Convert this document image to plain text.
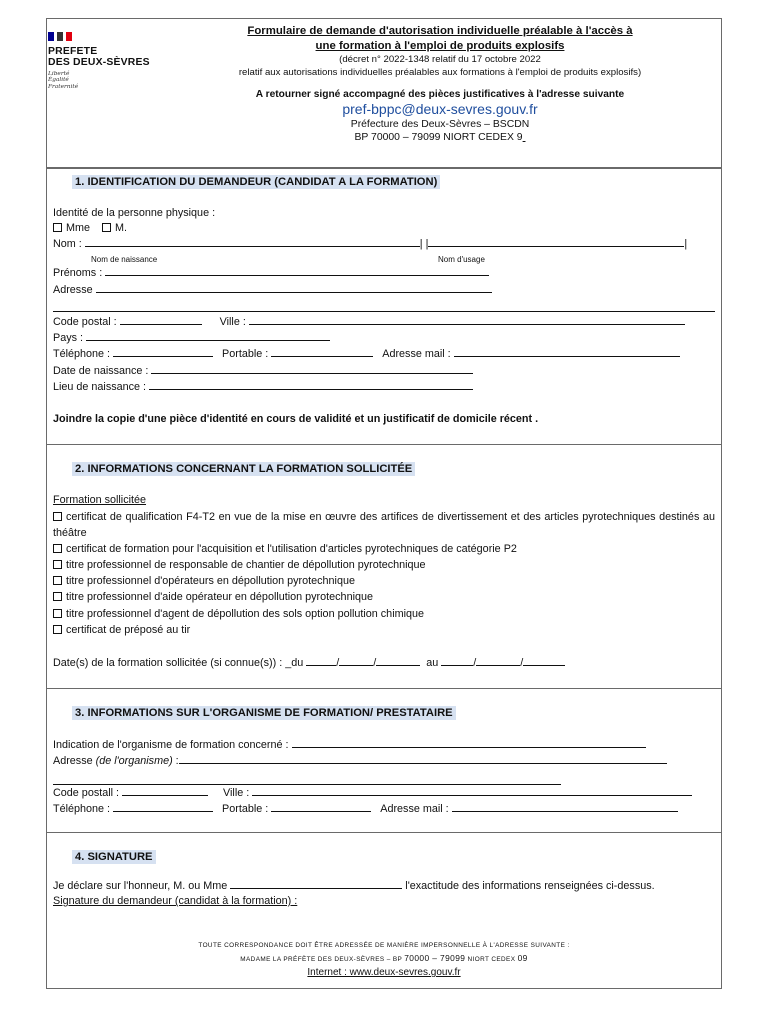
PREFETE
DES DEUX-SÈVRES
Liberté
Égalité
Fraternité
Formulaire de demande d'autorisation individuelle préalable à l'accès à
une formation à l'emploi de produits explosifs
(décret n° 2022-1348 relatif du 17 octobre 2022
relatif aux autorisations individuelles préalables aux formations à l'emploi de produits explosifs)
A retourner signé accompagné des pièces justificatives à l'adresse suivante
pref-bppc@deux-sevres.gouv.fr
Préfecture des Deux-Sèvres – BSCDN
BP 70000 – 79099 NIORT CEDEX 9
1. IDENTIFICATION DU DEMANDEUR (CANDIDAT A LA FORMATION)
Identité de la personne physique :
Mme M.
Nom :	| |	|
Nom de naissance	Nom d'usage
Prénoms :
Adresse
Code postal :	Ville :
Pays :
Téléphone :	Portable :	Adresse mail :
Date de naissance :
Lieu de naissance :
Joindre la copie d'une pièce d'identité en cours de validité et un justificatif de domicile récent .
2. INFORMATIONS CONCERNANT LA FORMATION SOLLICITÉE
Formation sollicitée
certificat de qualification F4-T2 en vue de la mise en œuvre des artifices de divertissement et des articles pyrotechniques destinés au théâtre
certificat de formation pour l'acquisition et l'utilisation d'articles pyrotechniques de catégorie P2
titre professionnel de responsable de chantier de dépollution pyrotechnique
titre professionnel d'opérateurs en dépollution pyrotechnique
titre professionnel d'aide opérateur en dépollution pyrotechnique
titre professionnel d'agent de dépollution des sols option pollution chimique
certificat de préposé au tir
Date(s) de la formation sollicitée (si connue(s)) : _du	/	/	au	/	/
3. INFORMATIONS SUR L'ORGANISME DE FORMATION/ PRESTATAIRE
Indication de l'organisme de formation concerné :
Adresse (de l'organisme) :
Code postall :	Ville :
Téléphone :	Portable :	Adresse mail :
4. SIGNATURE
Je déclare sur l'honneur, M. ou Mme	l'exactitude des informations renseignées ci-dessus.
Signature du demandeur (candidat à la formation) :
TOUTE CORRESPONDANCE DOIT ÊTRE ADRESSÉE DE MANIÈRE IMPERSONNELLE À L'ADRESSE SUIVANTE :
MADAME LA PRÉFÈTE DES DEUX-SÈVRES – BP 70000 – 79099 NIORT CEDEX 09
Internet : www.deux-sevres.gouv.fr
